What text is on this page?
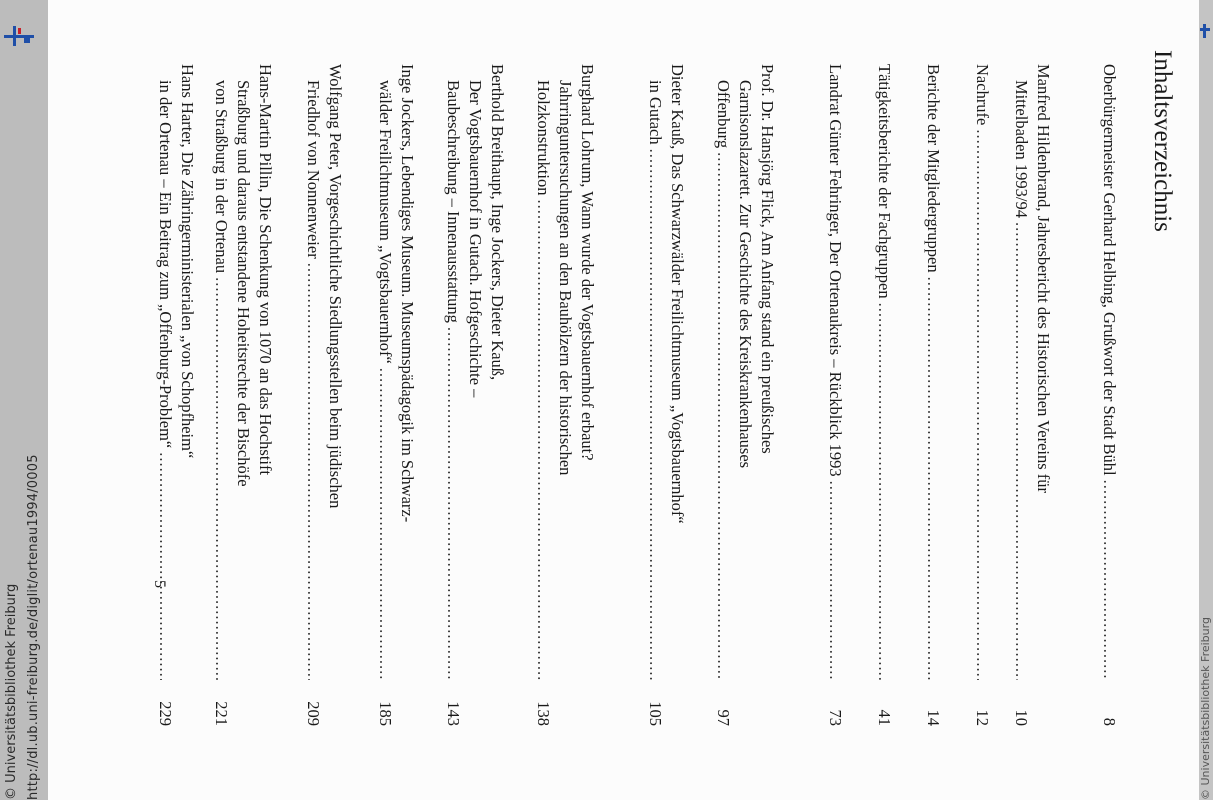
http://dl.ub.uni-freiburg.de/diglit/ortenau1994/0005
© Universitätsbibliothek Freiburg	© Universitätsbibliothek Freiburg
Inhaltsverzeichnis
Oberbürgermeister Gerhard Helbing, Grußwort der Stadt Bühl
.....
8
Manfred Hildenbrand, Jahresbericht des Historischen Vereins für
Mittelbaden 1993/94
.....
10
Nachrufe
.....
12
Berichte der Mitgliedergruppen
.....
14
Tätigkeitsberichte der Fachgruppen
.....
41
Landrat Günter Fehringer, Der Ortenaukreis – Rückblick 1993
.....
73
Prof. Dr. Hansjörg Flick, Am Anfang stand ein preußisches
Garnisonslazarett. Zur Geschichte des Kreiskrankenhauses
Offenburg
.....
97
Dieter Kauß, Das Schwarzwälder Freilichtmuseum „Vogtsbauernhof“
in Gutach
.....
105
Burghard Lohrum, Wann wurde der Vogtsbauernhof erbaut?
Jahrringuntersuchungen an den Bauhölzern der historischen
Holzkonstruktion
.....
138
Berthold Breithaupt, Inge Jockers, Dieter Kauß,
Der Vogtsbauernhof in Gutach. Hofgeschichte –
Baubeschreibung – Innenausstattung
.....
143
Inge Jockers, Lebendiges Museum. Museumspädagogik im Schwarz-
wälder Freilichtmuseum „Vogtsbauernhof“
.....
185
Wolfgang Peter, Vorgeschichtliche Siedlungsstellen beim jüdischen
Friedhof von Nonnenweier
.....
209
Hans-Martin Pillin, Die Schenkung von 1070 an das Hochstift
Straßburg und daraus entstandene Hoheitsrechte der Bischöfe
von Straßburg in der Ortenau
.....
221
Hans Harter, Die Zähringerministerialen „von Schopfheim“
in der Ortenau – Ein Beitrag zum „Offenburg-Problem“
.....
229
5
